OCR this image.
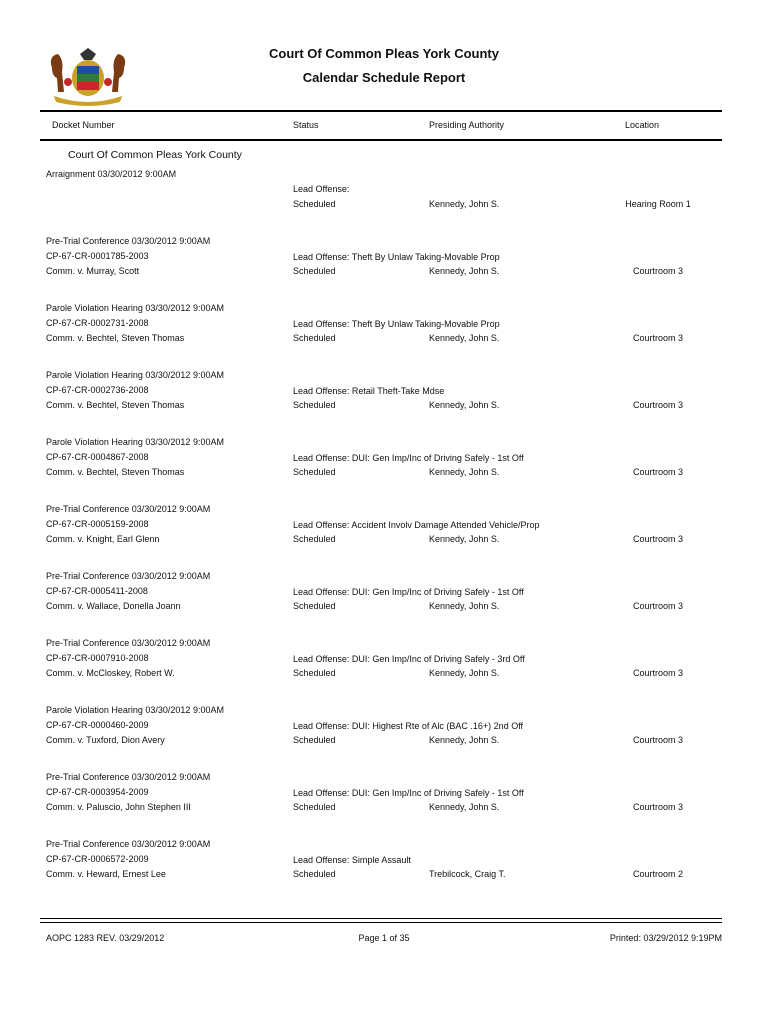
Court Of Common Pleas York County
Calendar Schedule Report
Docket Number	Status	Presiding Authority	Location
Court Of Common Pleas York County
Arraignment 03/30/2012 9:00AM
Lead Offense:
Scheduled	Kennedy, John S.	Hearing Room 1
Pre-Trial Conference 03/30/2012 9:00AM
CP-67-CR-0001785-2003
Comm. v. Murray, Scott
Lead Offense: Theft By Unlaw Taking-Movable Prop
Scheduled	Kennedy, John S.	Courtroom 3
Parole Violation Hearing 03/30/2012 9:00AM
CP-67-CR-0002731-2008
Comm. v. Bechtel, Steven Thomas
Lead Offense: Theft By Unlaw Taking-Movable Prop
Scheduled	Kennedy, John S.	Courtroom 3
Parole Violation Hearing 03/30/2012 9:00AM
CP-67-CR-0002736-2008
Comm. v. Bechtel, Steven Thomas
Lead Offense: Retail Theft-Take Mdse
Scheduled	Kennedy, John S.	Courtroom 3
Parole Violation Hearing 03/30/2012 9:00AM
CP-67-CR-0004867-2008
Comm. v. Bechtel, Steven Thomas
Lead Offense: DUI: Gen Imp/Inc of Driving Safely - 1st Off
Scheduled	Kennedy, John S.	Courtroom 3
Pre-Trial Conference 03/30/2012 9:00AM
CP-67-CR-0005159-2008
Comm. v. Knight, Earl Glenn
Lead Offense: Accident Involv Damage Attended Vehicle/Prop
Scheduled	Kennedy, John S.	Courtroom 3
Pre-Trial Conference 03/30/2012 9:00AM
CP-67-CR-0005411-2008
Comm. v. Wallace, Donella Joann
Lead Offense: DUI: Gen Imp/Inc of Driving Safely - 1st Off
Scheduled	Kennedy, John S.	Courtroom 3
Pre-Trial Conference 03/30/2012 9:00AM
CP-67-CR-0007910-2008
Comm. v. McCloskey, Robert W.
Lead Offense: DUI: Gen Imp/Inc of Driving Safely - 3rd Off
Scheduled	Kennedy, John S.	Courtroom 3
Parole Violation Hearing 03/30/2012 9:00AM
CP-67-CR-0000460-2009
Comm. v. Tuxford, Dion Avery
Lead Offense: DUI: Highest Rte of Alc (BAC .16+) 2nd Off
Scheduled	Kennedy, John S.	Courtroom 3
Pre-Trial Conference 03/30/2012 9:00AM
CP-67-CR-0003954-2009
Comm. v. Paluscio, John Stephen III
Lead Offense: DUI: Gen Imp/Inc of Driving Safely - 1st Off
Scheduled	Kennedy, John S.	Courtroom 3
Pre-Trial Conference 03/30/2012 9:00AM
CP-67-CR-0006572-2009
Comm. v. Heward, Ernest Lee
Lead Offense: Simple Assault
Scheduled	Trebilcock, Craig T.	Courtroom 2
AOPC 1283 REV. 03/29/2012	Page 1 of 35	Printed: 03/29/2012 9:19PM
